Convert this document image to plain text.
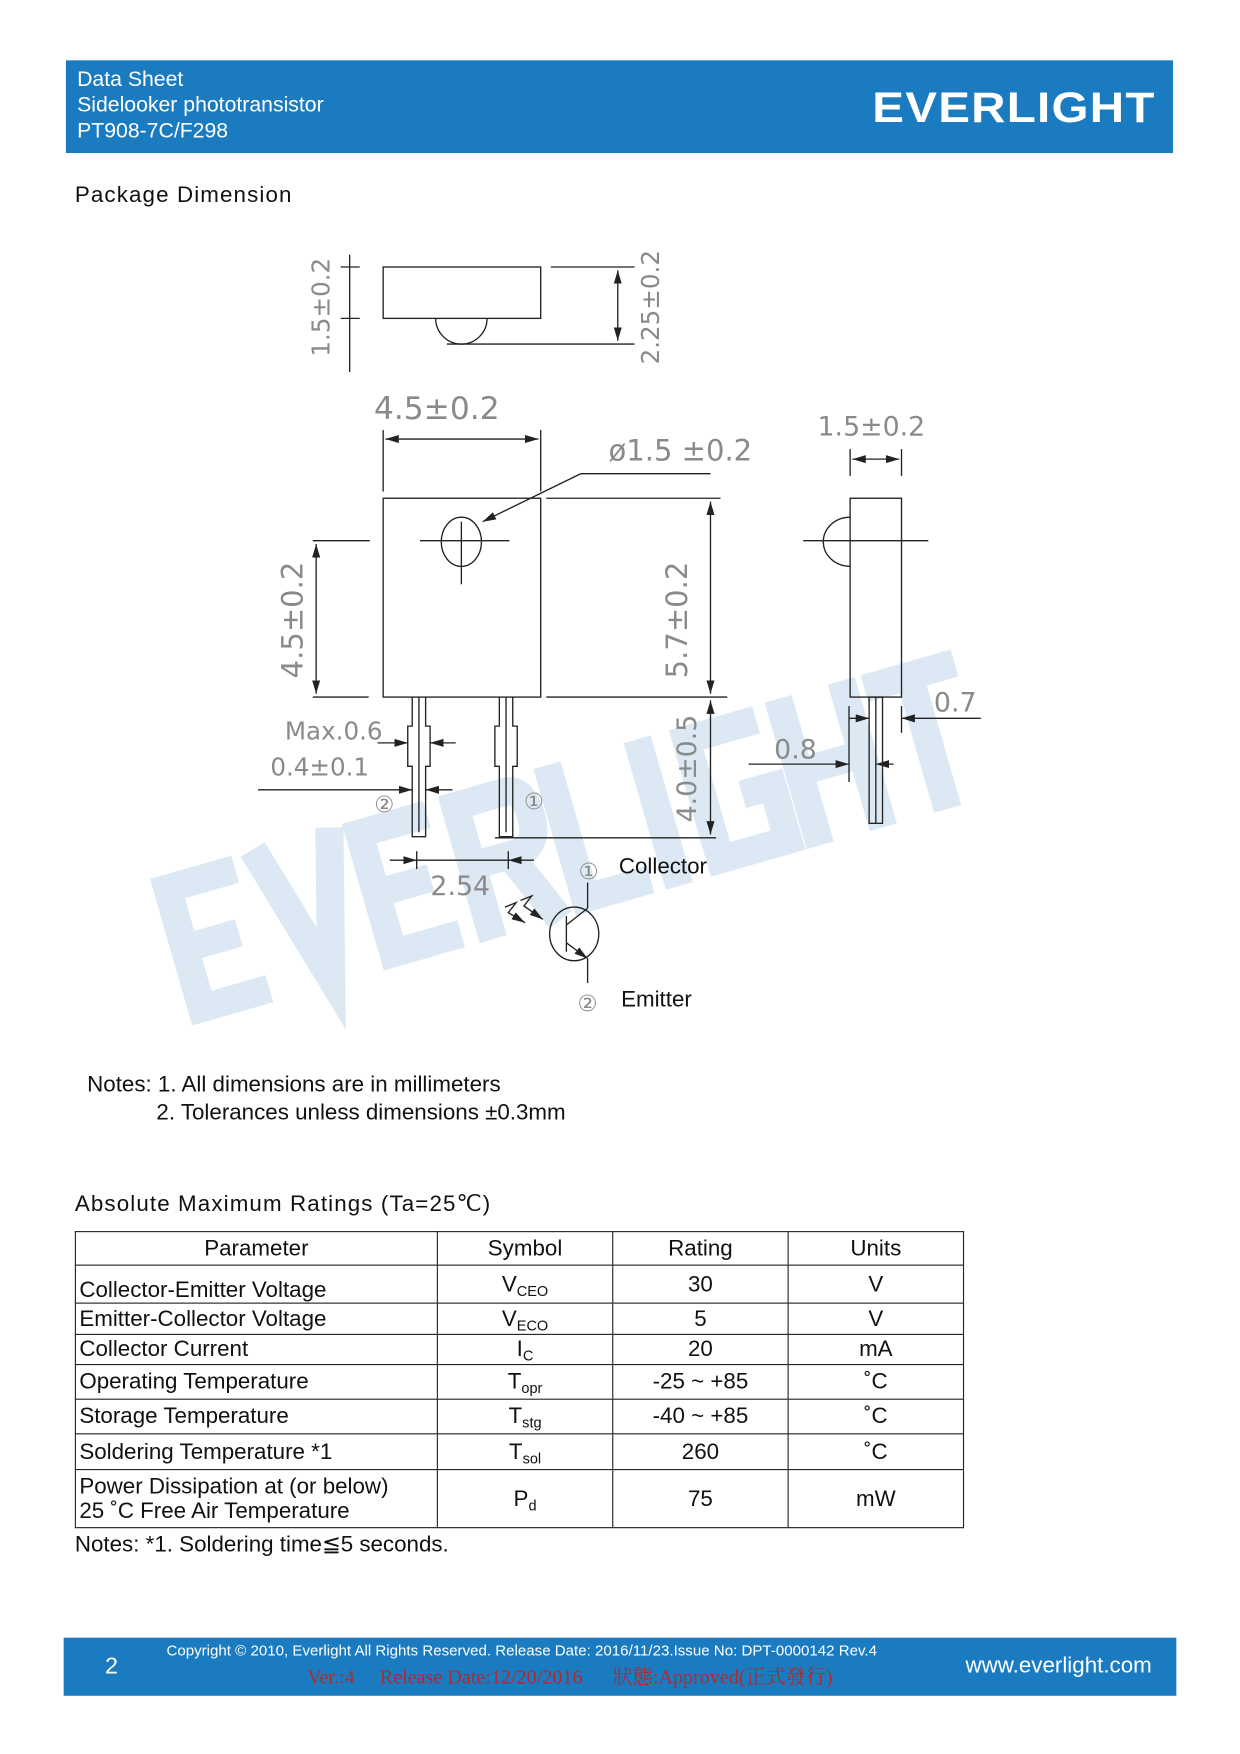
Data Sheet
Sidelooker phototransistor
PT908-7C/F298	EVERLIGHT
Package Dimension
1.5±0.2	2.25±0.2
4.5±0.2
ø1.5 ±0.2
4.5±0.2	5.7±0.2
4.0±0.5
Max.0.6
0.4±0.1
②	①
2.54
1.5±0.2
0.7
0.8
①
②
Collector
Emitter
Notes: 1. All dimensions are in millimeters
2. Tolerances unless dimensions ±0.3mm
Absolute Maximum Ratings (Ta=25℃)
Parameter	Symbol	Rating	Units
Collector-Emitter Voltage	$V_{CEO}$	30	V
Emitter-Collector Voltage	$V_{ECO}$	5	V
Collector Current	$I_C$	20	mA
Operating Temperature	$T_{opr}$	-25 ~ +85	˚C
Storage Temperature	$T_{stg}$	-40 ~ +85	˚C
Soldering Temperature *1	$T_{sol}$	260	˚C

Power Dissipation at (or below)
25 ˚C Free Air Temperature	$P_d$	75	mW
Notes: *1. Soldering time≦5 seconds.
2
Copyright © 2010, Everlight All Rights Reserved. Release Date: 2016/11/23.Issue No: DPT-0000142 Rev.4
Ver.:4     Release Date:12/20/2016      狀態:Approved(正式發行)	www.everlight.com
